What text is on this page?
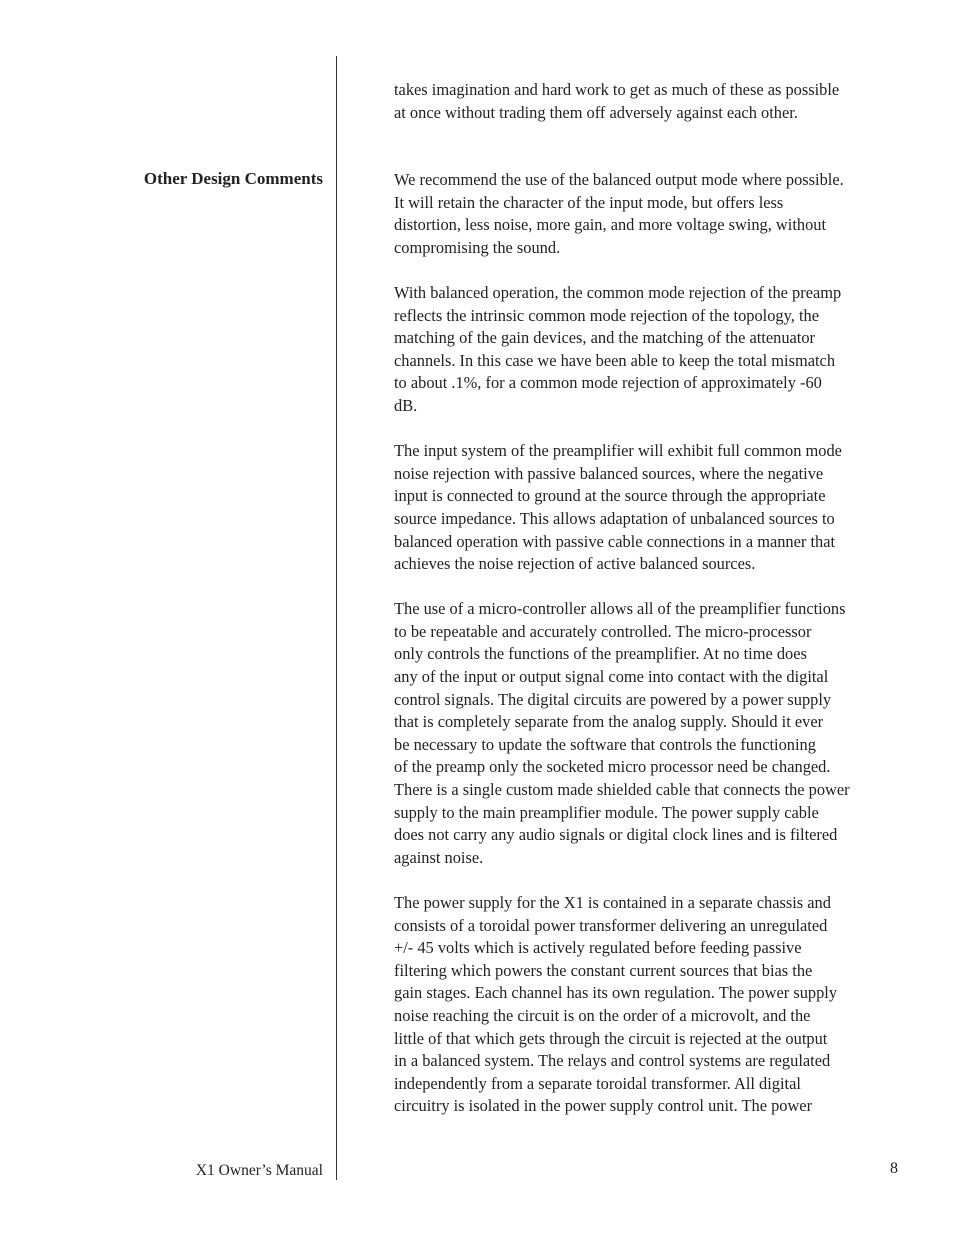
takes imagination and hard work to get as much of these as possible
at once without trading them off adversely against each other.

Other Design Comments	We recommend the use of the balanced output mode where possible.
It will retain the character of the input mode, but offers less
distortion, less noise, more gain, and more voltage swing, without
compromising the sound.

With balanced operation, the common mode rejection of the preamp
reflects the intrinsic common mode rejection of the topology, the
matching of the gain devices, and the matching of the attenuator
channels. In this case we have been able to keep the total mismatch
to about .1%, for a common mode rejection of approximately -60
dB.

The input system of the preamplifier will exhibit full common mode
noise rejection with passive balanced sources, where the negative
input is connected to ground at the source through the appropriate
source impedance. This allows adaptation of unbalanced sources to
balanced operation with passive cable connections in a manner that
achieves the noise rejection of active balanced sources.

The use of a micro-controller allows all of the preamplifier functions
to be repeatable and accurately controlled. The micro-processor
only controls the functions of the preamplifier. At no time does
any of the input or output signal come into contact with the digital
control signals. The digital circuits are powered by a power supply
that is completely separate from the analog supply. Should it ever
be necessary to update the software that controls the functioning
of the preamp only the socketed micro processor need be changed.
There is a single custom made shielded cable that connects the power
supply to the main preamplifier module. The power supply cable
does not carry any audio signals or digital clock lines and is filtered
against noise.

The power supply for the X1 is contained in a separate chassis and
consists of a toroidal power transformer delivering an unregulated
+/- 45 volts which is actively regulated before feeding passive
filtering which powers the constant current sources that bias the
gain stages. Each channel has its own regulation. The power supply
noise reaching the circuit is on the order of a microvolt, and the
little of that which gets through the circuit is rejected at the output
in a balanced system. The relays and control systems are regulated
independently from a separate toroidal transformer. All digital
circuitry is isolated in the power supply control unit. The power

X1 Owner’s Manual	8
